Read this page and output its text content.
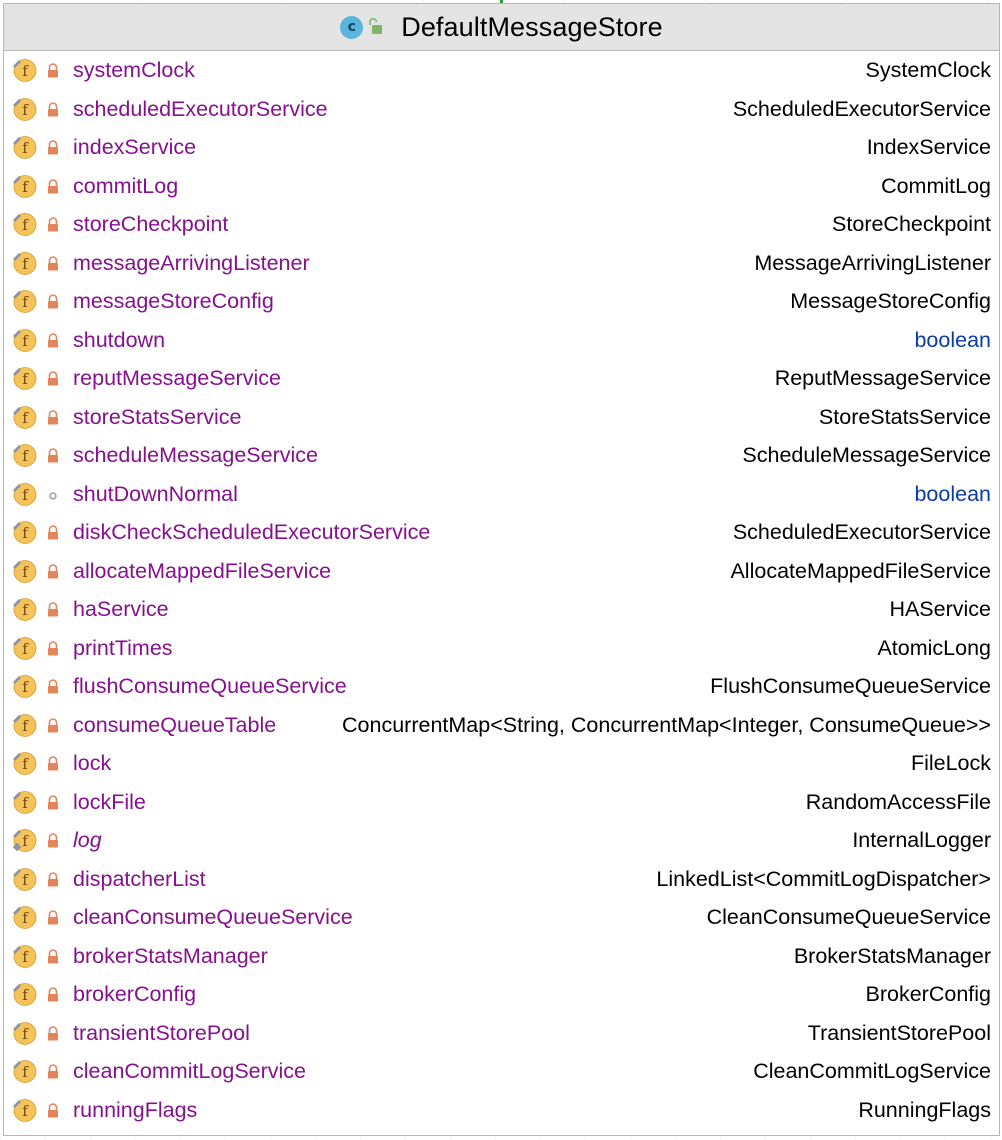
c DefaultMessageStore
f systemClock	SystemClock
f scheduledExecutorService	ScheduledExecutorService
f indexService	IndexService
f commitLog	CommitLog
f storeCheckpoint	StoreCheckpoint
f messageArrivingListener	MessageArrivingListener
f messageStoreConfig	MessageStoreConfig
f shutdown	boolean
f reputMessageService	ReputMessageService
f storeStatsService	StoreStatsService
f scheduleMessageService	ScheduleMessageService
f shutDownNormal	boolean
f diskCheckScheduledExecutorService	ScheduledExecutorService
f allocateMappedFileService	AllocateMappedFileService
f haService	HAService
f printTimes	AtomicLong
f flushConsumeQueueService	FlushConsumeQueueService
f consumeQueueTable	ConcurrentMap<String, ConcurrentMap<Integer, ConsumeQueue>>
f lock	FileLock
f lockFile	RandomAccessFile
f log	InternalLogger
f dispatcherList	LinkedList<CommitLogDispatcher>
f cleanConsumeQueueService	CleanConsumeQueueService
f brokerStatsManager	BrokerStatsManager
f brokerConfig	BrokerConfig
f transientStorePool	TransientStorePool
f cleanCommitLogService	CleanCommitLogService
f runningFlags	RunningFlags
